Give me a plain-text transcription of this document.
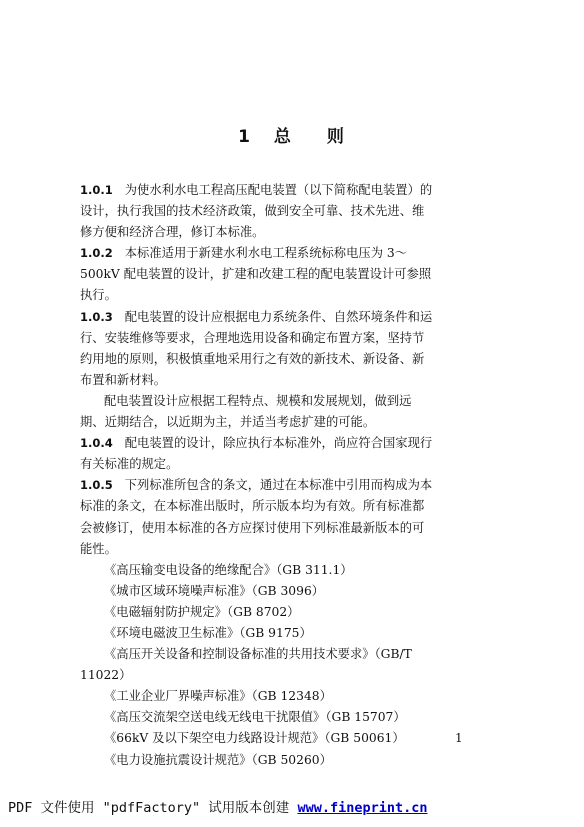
1 总 则
1.0.1 为使水利水电工程高压配电装置（以下简称配电装置）的
设计，执行我国的技术经济政策，做到安全可靠、技术先进、维
修方便和经济合理，修订本标准。
1.0.2 本标准适用于新建水利水电工程系统标称电压为 3～
500kV 配电装置的设计，扩建和改建工程的配电装置设计可参照
执行。
1.0.3 配电装置的设计应根据电力系统条件、自然环境条件和运
行、安装维修等要求，合理地选用设备和确定布置方案，坚持节
约用地的原则，积极慎重地采用行之有效的新技术、新设备、新
布置和新材料。
配电装置设计应根据工程特点、规模和发展规划，做到远
期、近期结合，以近期为主，并适当考虑扩建的可能。
1.0.4 配电装置的设计，除应执行本标准外，尚应符合国家现行
有关标准的规定。
1.0.5 下列标准所包含的条文，通过在本标准中引用而构成为本
标准的条文，在本标准出版时，所示版本均为有效。所有标准都
会被修订，使用本标准的各方应探讨使用下列标准最新版本的可
能性。
《高压输变电设备的绝缘配合》（GB 311.1）
《城市区域环境噪声标准》（GB 3096）
《电磁辐射防护规定》（GB 8702）
《环境电磁波卫生标准》（GB 9175）
《高压开关设备和控制设备标准的共用技术要求》（GB/T
11022）
《工业企业厂界噪声标准》（GB 12348）
《高压交流架空送电线无线电干扰限值》（GB 15707）
《66kV 及以下架空电力线路设计规范》（GB 50061）
《电力设施抗震设计规范》（GB 50260）
1
PDF 文件使用 "pdfFactory" 试用版本创建 www.fineprint.cn
